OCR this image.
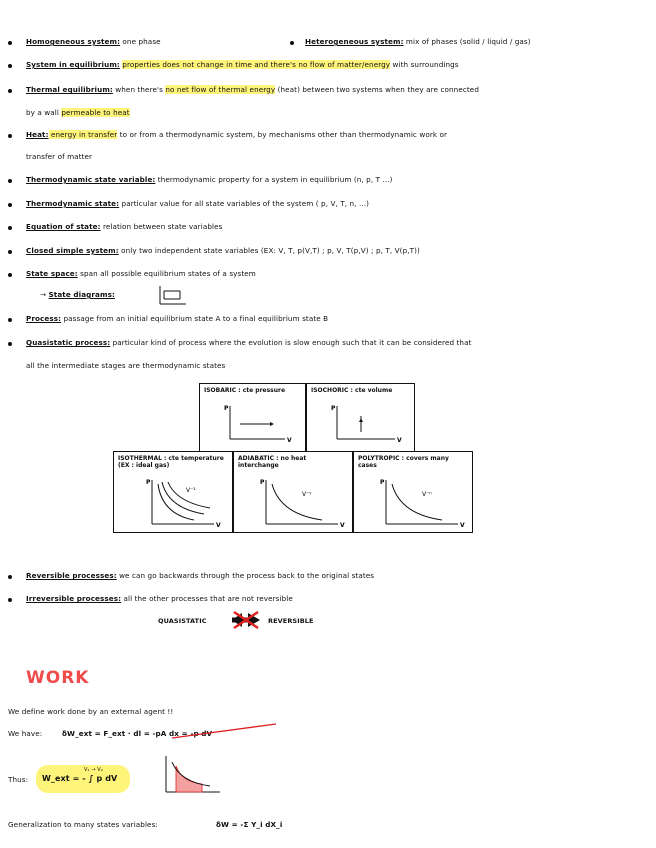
Homogeneous system: one phase	Heterogeneous system: mix of phases (solid / liquid / gas)
System in equilibrium: properties does not change in time and there's no flow of matter/energy with surroundings
Thermal equilibrium: when there's no net flow of thermal energy (heat) between two systems when they are connected
by a wall permeable to heat
Heat: energy in transfer to or from a thermodynamic system, by mechanisms other than thermodynamic work or
transfer of matter
Thermodynamic state variable: thermodynamic property for a system in equilibrium (n, p, T ...)
Thermodynamic state: particular value for all state variables of the system ( p, V, T, n, ...)
Equation of state: relation between state variables
Closed simple system: only two independent state variables (EX: V, T, p(V,T) ; p, V, T(p,V) ; p, T, V(p,T))
State space: span all possible equilibrium states of a system
→ State diagrams:
Process: passage from an initial equilibrium state A to a final equilibrium state B
Quasistatic process: particular kind of process where the evolution is slow enough such that it can be considered that
all the intermediate stages are thermodynamic states
ISOBARIC : cte pressure
P
V
ISOCHORIC : cte volume
P
V
ISOTHERMAL : cte temperature
(EX : ideal gas)
P
V
V⁻¹
ADIABATIC : no heat
interchange
P
V
V⁻ᵞ
POLYTROPIC : covers many
cases
P
V
V⁻ⁿ
Reversible processes: we can go backwards through the process back to the original states
Irreversible processes: all the other processes that are not reversible
QUASISTATIC	REVERSIBLE
WORK
We define work done by an external agent !!
We have:	δW_ext = F_ext · dl = -pA dx = -p dV
Thus: W_ext = - ∫ p dV
V₁ → V₂
Generalization to many states variables:	δW = -Σ Y_i dX_i
